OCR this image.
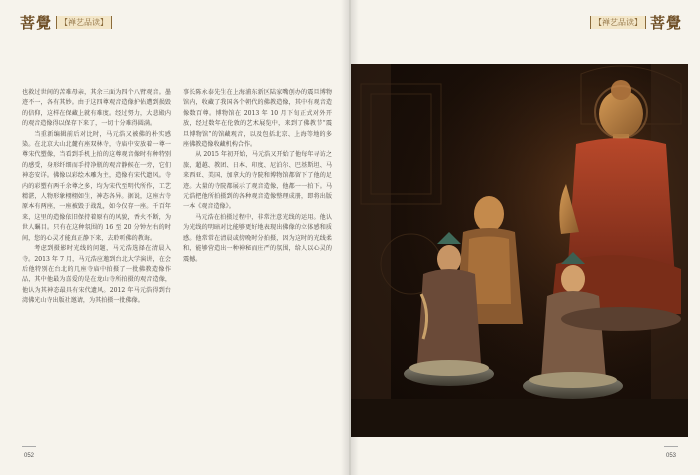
菩覺	【禅艺品读】

也救过世间的苦难母亲，其余三面为四个八臂观音。墨迹不一，各有其妙。由于这四尊观音造像护佑遭到损毁的信仰，这样在保藏上就有难度。经过努力，大悲殿内的观音造像得以保存下来了，一切十分难得圆满。

当重新编辑前后对比时，马元浩又被佛的朴实感染。在北京大山北麓有座双林寺，寺庙中安放着一尊一尊宋代塑像，当看到手机上拍的这尊观音像时有种特别的感受，身形纤细而手持净瓶的观音静候在一旁，它们神态安详。佛像以彩绘木雕为主，造像有宋代遗风。寺内的彩塑有两千余尊之多，均为宋代至明代所作，工艺精湛，人物形象栩栩如生，神态各异。据说，这座古寺原本有两座，一座被毁于战乱，如今仅存一座。千百年来，这里的造像依旧保持着原有的风貌，香火不断，为世人瞩目。只有在这种氛围的 16 至 20 分钟左右的时间，您的心灵才能真正静下来，去聆听佛的教诲。

考虑到摄影时光线的问题，马元浩选择在清晨入寺。2013 年 7 月，马元浩应邀到台北大学演讲，在会后他特别在台北的几座寺庙中拍摄了一批佛教造像作品，其中他最为喜爱的是在龙山寺所拍摄的观音造像，他认为其神态最具有宋代遗风。2012 年马元浩得到台湾佛光山寺出版社邀请，为其拍摄一批佛像。

事长陈永泰先生在上海浦东新区陆家嘴创办的震旦博物馆内，收藏了我国各个朝代的佛教造像，其中有观音造像数百尊。博物馆在 2013 年 10 月下旬正式对外开放，经过数年在伦敦的艺术展览中，来到了佛教节“震旦博物馆”的馆藏观音，以及包括北京、上海等地的多座佛教造像收藏机构合作。

从 2015 年初开始，马元浩又开始了他每年寻访之旅，超越、教团、日本、印度、尼泊尔、巴基斯坦、马来西亚、美国、加拿大的寺院和博物馆都留下了他的足迹。大量的寺院都展示了观音造像，他都一一拍下。马元浩把他所拍摄到的各种观音造像整理成册，即将出版一本《观音造像》。

马元浩在拍摄过程中，非常注意光线的运用。他认为光线的明暗对比能够更好地表现出佛像的立体感和质感。他常常在清晨或傍晚时分拍摄，因为这时的光线柔和，能够营造出一种神秘而庄严的氛围，给人以心灵的震撼。

052
【禅艺品读】 菩覺
053
